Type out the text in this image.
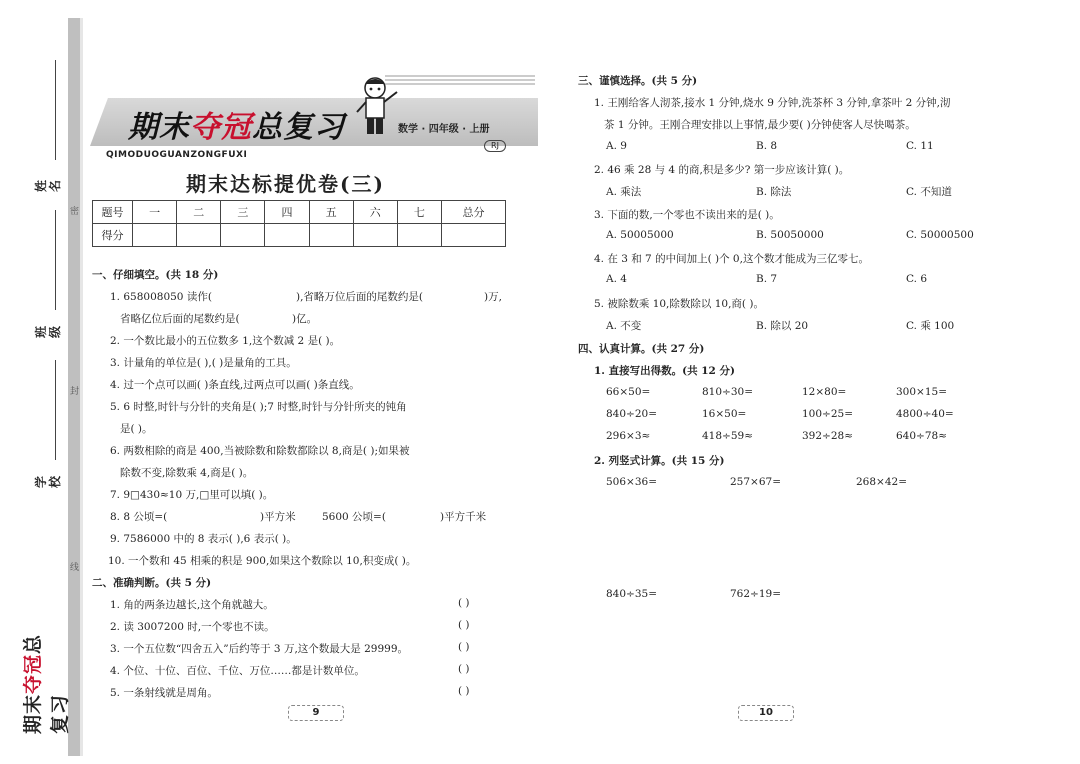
姓名
班级
学校
密
封
线
期末夺冠总复习
期末夺冠总复习	数学 · 四年级 · 上册
RJ
QIMODUOGUANZONGFUXI
期末达标提优卷(三)
题号	一	二	三	四	五	六	七	总分
得分								
一、仔细填空。(共 18 分)
1. 658008050 读作(	),省略万位后面的尾数约是(	)万,
省略亿位后面的尾数约是(	)亿。
2. 一个数比最小的五位数多 1,这个数减 2 是( )。
3. 计量角的单位是( ),( )是量角的工具。
4. 过一个点可以画( )条直线,过两点可以画( )条直线。
5. 6 时整,时针与分针的夹角是( );7 时整,时针与分针所夹的钝角
是( )。
6. 两数相除的商是 400,当被除数和除数都除以 8,商是( );如果被
除数不变,除数乘 4,商是( )。
7. 9□430≈10 万,□里可以填( )。
8. 8 公顷=(	)平方米	5600 公顷=(	)平方千米
9. 7586000 中的 8 表示( ),6 表示( )。
10. 一个数和 45 相乘的积是 900,如果这个数除以 10,积变成( )。
二、准确判断。(共 5 分)
1. 角的两条边越长,这个角就越大。	( )
2. 读 3007200 时,一个零也不读。	( )
3. 一个五位数“四舍五入”后约等于 3 万,这个数最大是 29999。	( )
4. 个位、十位、百位、千位、万位……都是计数单位。	( )
5. 一条射线就是周角。	( )
9	10
三、谨慎选择。(共 5 分)
1. 王刚给客人沏茶,接水 1 分钟,烧水 9 分钟,洗茶杯 3 分钟,拿茶叶 2 分钟,沏
茶 1 分钟。王刚合理安排以上事情,最少要( )分钟使客人尽快喝茶。
A. 9	B. 8	C. 11
2. 46 乘 28 与 4 的商,积是多少? 第一步应该计算( )。
A. 乘法	B. 除法	C. 不知道
3. 下面的数,一个零也不读出来的是( )。
A. 50005000	B. 50050000	C. 50000500
4. 在 3 和 7 的中间加上( )个 0,这个数才能成为三亿零七。
A. 4	B. 7	C. 6
5. 被除数乘 10,除数除以 10,商( )。
A. 不变	B. 除以 20	C. 乘 100
四、认真计算。(共 27 分)
1. 直接写出得数。(共 12 分)
66×50=	810÷30=	12×80=	300×15=
840÷20=	16×50=	100÷25=	4800÷40=
296×3≈	418÷59≈	392÷28≈	640÷78≈
2. 列竖式计算。(共 15 分)
506×36=	257×67=	268×42=
840÷35=	762÷19=
